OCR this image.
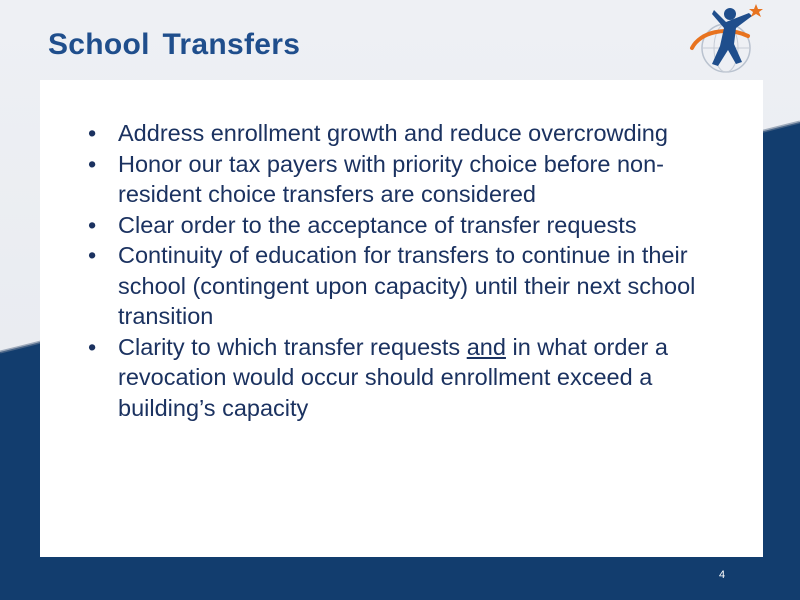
School Transfers
• Address enrollment growth and reduce overcrowding
• Honor our tax payers with priority choice before non-resident choice transfers are considered
• Clear order to the acceptance of transfer requests
• Continuity of education for transfers to continue in their school (contingent upon capacity) until their next school transition
• Clarity to which transfer requests and in what order a revocation would occur should enrollment exceed a building’s capacity
4
